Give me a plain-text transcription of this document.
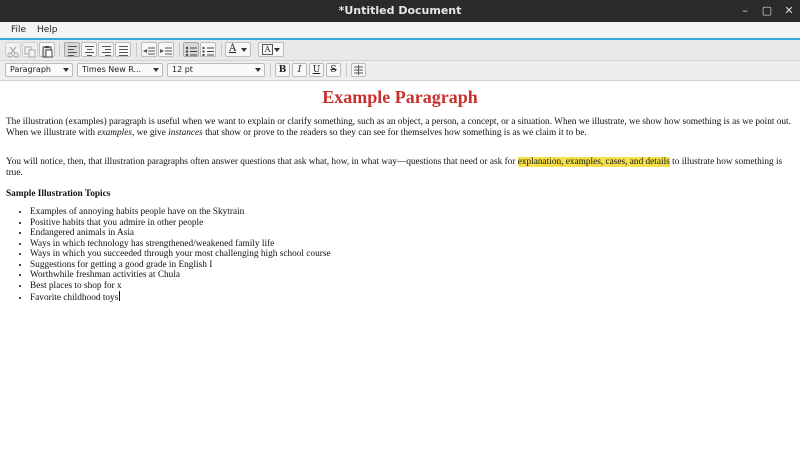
*Untitled Document	–	▢	✕
File Help
A	A
Paragraph	Times New R...	12 pt	B	I	U	S
Example Paragraph

The illustration (examples) paragraph is useful when we want to explain or clarify something, such as an object, a person, a concept, or a situation. When we illustrate, we show how something is as we point out. When we illustrate with examples, we give instances that show or prove to the readers so they can see for themselves how something is as we claim it to be.

You will notice, then, that illustration paragraphs often answer questions that ask what, how, in what way—questions that need or ask for explanation, examples, cases, and details to illustrate how something is true.

Sample Illustration Topics
• Examples of annoying habits people have on the Skytrain
• Positive habits that you admire in other people
• Endangered animals in Asia
• Ways in which technology has strengthened/weakened family life
• Ways in which you succeeded through your most challenging high school course
• Suggestions for getting a good grade in English I
• Worthwhile freshman activities at Chula
• Best places to shop for x
• Favorite childhood toys
